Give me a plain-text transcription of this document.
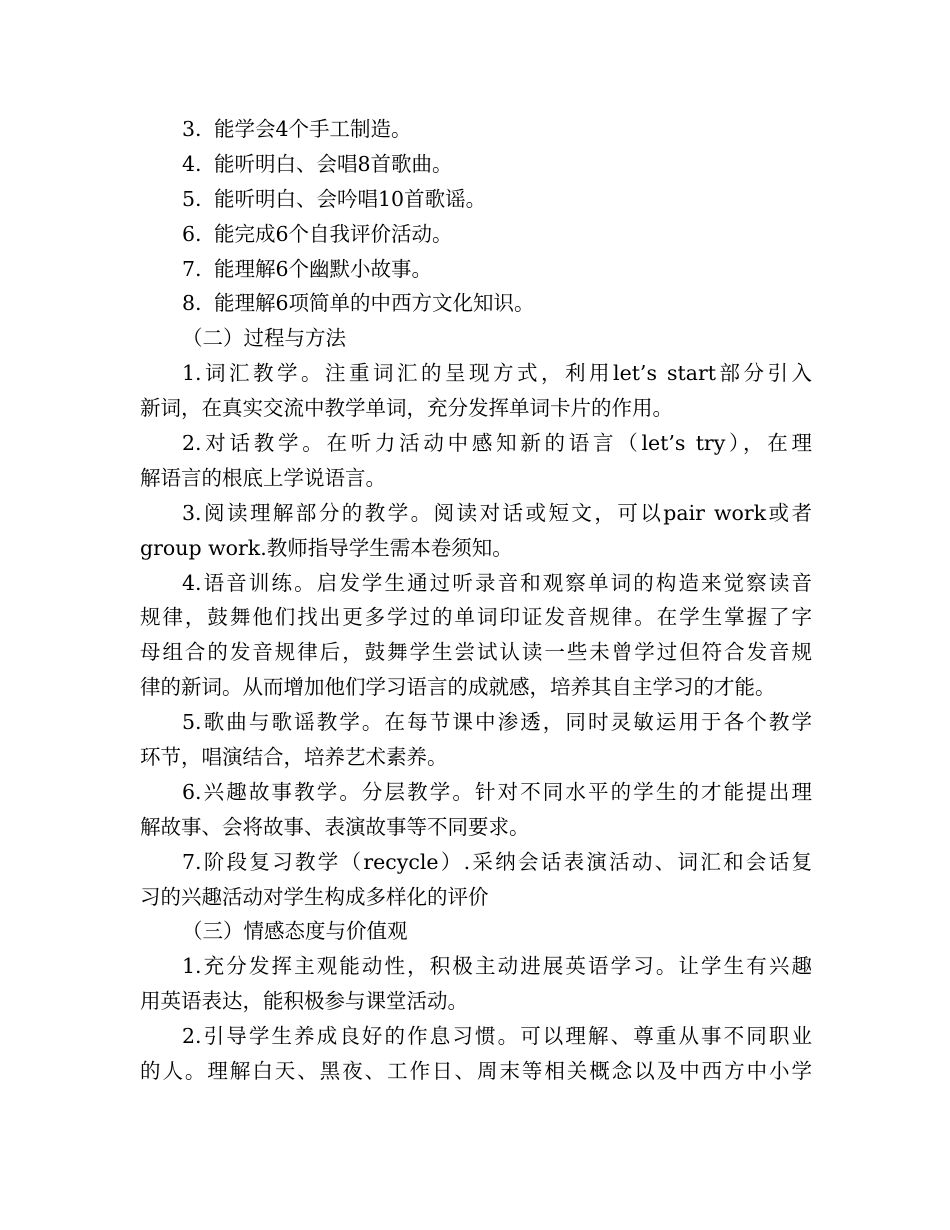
3. 能学会4个手工制造。
4. 能听明白、会唱8首歌曲。
5. 能听明白、会吟唱10首歌谣。
6. 能完成6个自我评价活动。
7. 能理解6个幽默小故事。
8. 能理解6项简单的中西方文化知识。
（二）过程与方法
1.词汇教学。注重词汇的呈现方式，利用let’s start部分引入
新词，在真实交流中教学单词，充分发挥单词卡片的作用。
2.对话教学。在听力活动中感知新的语言（let’s try），在理
解语言的根底上学说语言。
3.阅读理解部分的教学。阅读对话或短文，可以pair work或者
group work.教师指导学生需本卷须知。
4.语音训练。启发学生通过听录音和观察单词的构造来觉察读音
规律，鼓舞他们找出更多学过的单词印证发音规律。在学生掌握了字
母组合的发音规律后，鼓舞学生尝试认读一些未曾学过但符合发音规
律的新词。从而增加他们学习语言的成就感，培养其自主学习的才能。
5.歌曲与歌谣教学。在每节课中渗透，同时灵敏运用于各个教学
环节，唱演结合，培养艺术素养。
6.兴趣故事教学。分层教学。针对不同水平的学生的才能提出理
解故事、会将故事、表演故事等不同要求。
7.阶段复习教学（recycle）.采纳会话表演活动、词汇和会话复
习的兴趣活动对学生构成多样化的评价
（三）情感态度与价值观
1.充分发挥主观能动性，积极主动进展英语学习。让学生有兴趣
用英语表达，能积极参与课堂活动。
2.引导学生养成良好的作息习惯。可以理解、尊重从事不同职业
的人。理解白天、黑夜、工作日、周末等相关概念以及中西方中小学
